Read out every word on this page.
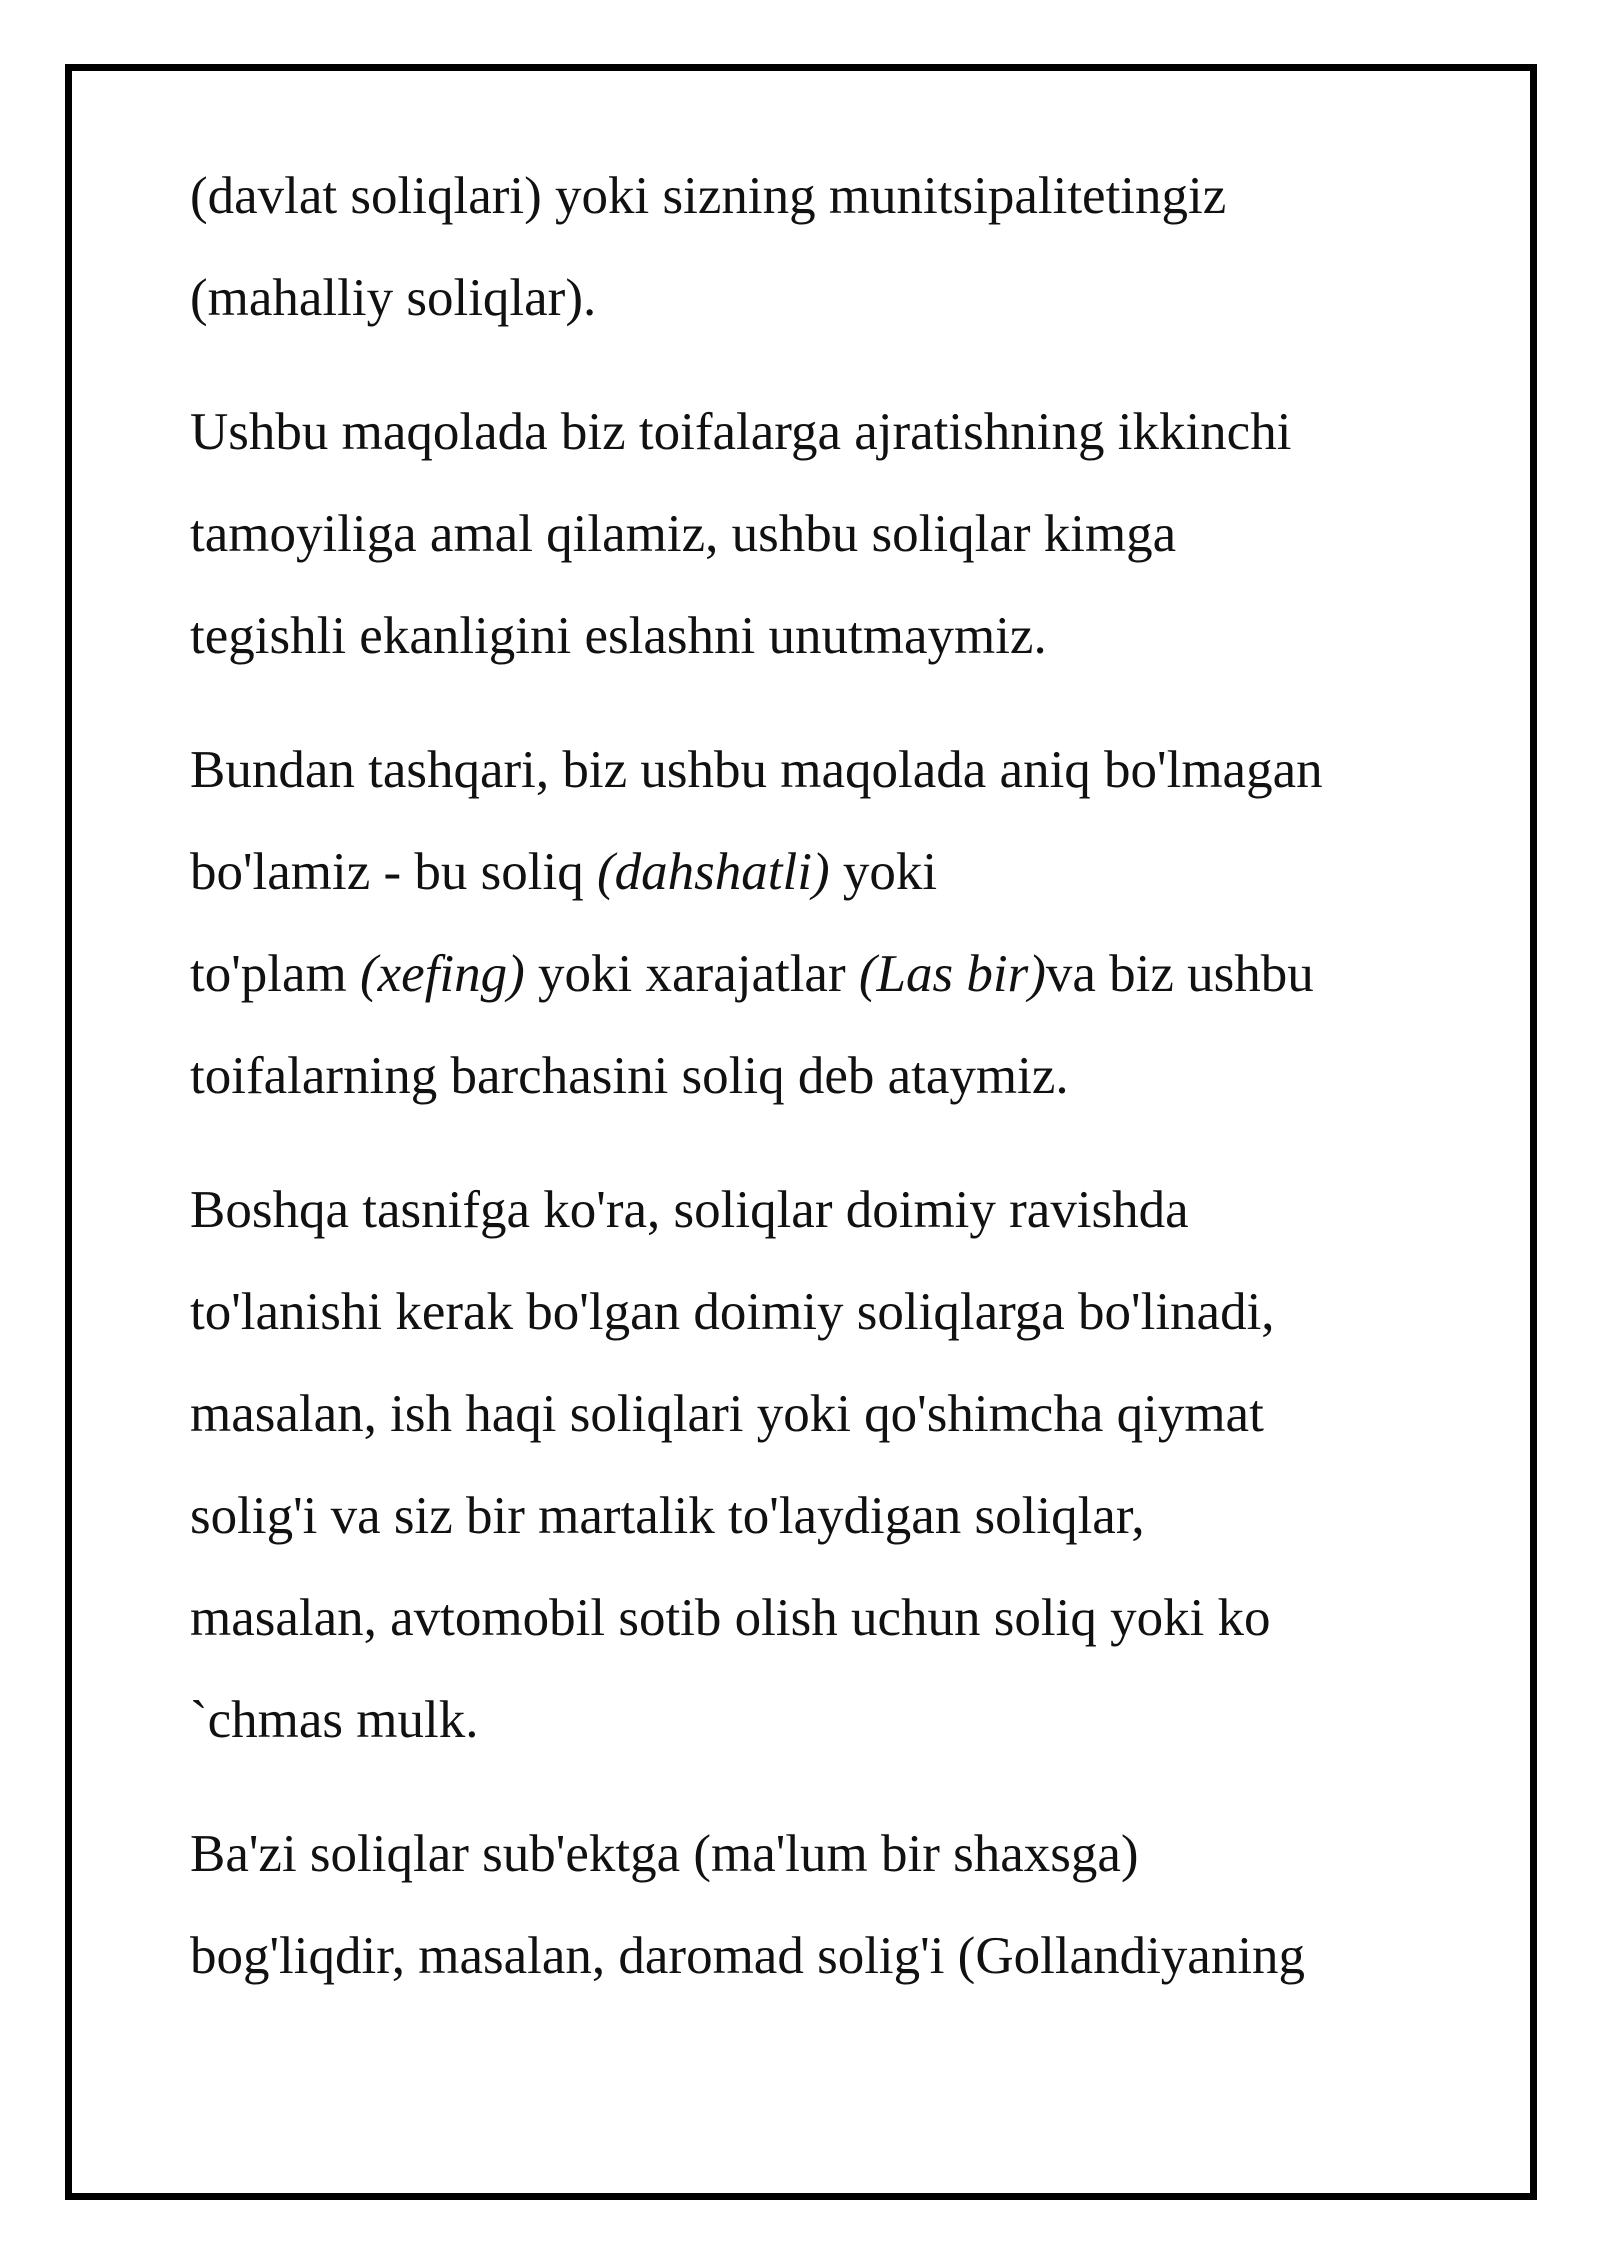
(davlat soliqlari) yoki sizning munitsipalitetingiz
(mahalliy soliqlar).

Ushbu maqolada biz toifalarga ajratishning ikkinchi
tamoyiliga amal qilamiz, ushbu soliqlar kimga
tegishli ekanligini eslashni unutmaymiz.

Bundan tashqari, biz ushbu maqolada aniq bo'lmagan
bo'lamiz - bu soliq (dahshatli) yoki
to'plam (xefing) yoki xarajatlar (Las bir)va biz ushbu
toifalarning barchasini soliq deb ataymiz.

Boshqa tasnifga ko'ra, soliqlar doimiy ravishda
to'lanishi kerak bo'lgan doimiy soliqlarga bo'linadi,
masalan, ish haqi soliqlari yoki qo'shimcha qiymat
solig'i va siz bir martalik to'laydigan soliqlar,
masalan, avtomobil sotib olish uchun soliq yoki ko
`chmas mulk.

Ba'zi soliqlar sub'ektga (ma'lum bir shaxsga)
bog'liqdir, masalan, daromad solig'i (Gollandiyaning
